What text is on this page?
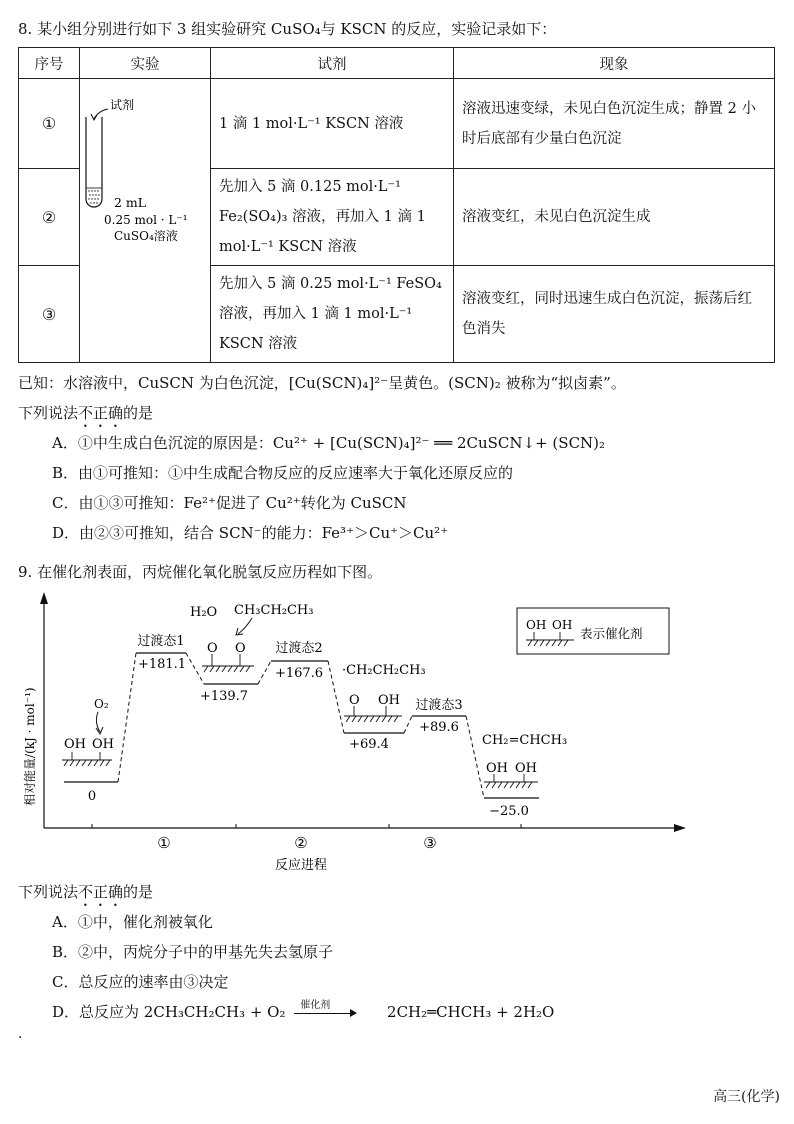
8. 某小组分别进行如下 3 组实验研究 CuSO₄与 KSCN 的反应，实验记录如下：
序号	实验	试剂	现象
①	试剂
2 mL
0.25 mol · L⁻¹
CuSO₄溶液	1 滴 1 mol·L⁻¹ KSCN 溶液	溶液迅速变绿，未见白色沉淀生成；静置 2 小时后底部有少量白色沉淀
②		先加入 5 滴 0.125 mol·L⁻¹ Fe₂(SO₄)₃ 溶液，再加入 1 滴 1 mol·L⁻¹ KSCN 溶液	溶液变红，未见白色沉淀生成
③		先加入 5 滴 0.25 mol·L⁻¹ FeSO₄ 溶液，再加入 1 滴 1 mol·L⁻¹ KSCN 溶液	溶液变红，同时迅速生成白色沉淀，振荡后红色消失
已知：水溶液中，CuSCN 为白色沉淀，[Cu(SCN)₄]²⁻呈黄色。(SCN)₂ 被称为“拟卤素”。
下列说法不正确的是
A．①中生成白色沉淀的原因是：Cu²⁺ + [Cu(SCN)₄]²⁻ ══ 2CuSCN↓+ (SCN)₂
B．由①可推知：①中生成配合物反应的反应速率大于氧化还原反应的
C．由①③可推知：Fe²⁺促进了 Cu²⁺转化为 CuSCN
D．由②③可推知，结合 SCN⁻的能力：Fe³⁺＞Cu⁺＞Cu²⁺
9. 在催化剂表面，丙烷催化氧化脱氢反应历程如下图。
①	②	③
反应进程
相对能量/(kJ · mol⁻¹)	0
+181.1
过渡态1
+139.7
+167.6
过渡态2
+69.4
+89.6
过渡态3
−25.0
OH OH
O₂
O O
H₂O CH₃CH₂CH₃
·CH₂CH₂CH₃
O OH
CH₂=CHCH₃
OH OH
OH OH
表示催化剂
下列说法不正确的是
A．①中，催化剂被氧化
B．②中，丙烷分子中的甲基先失去氢原子
C．总反应的速率由③决定
D．总反应为 2CH₃CH₂CH₃ + O₂ 催化剂	2CH₂═CHCH₃ + 2H₂O
·
高三(化学)
